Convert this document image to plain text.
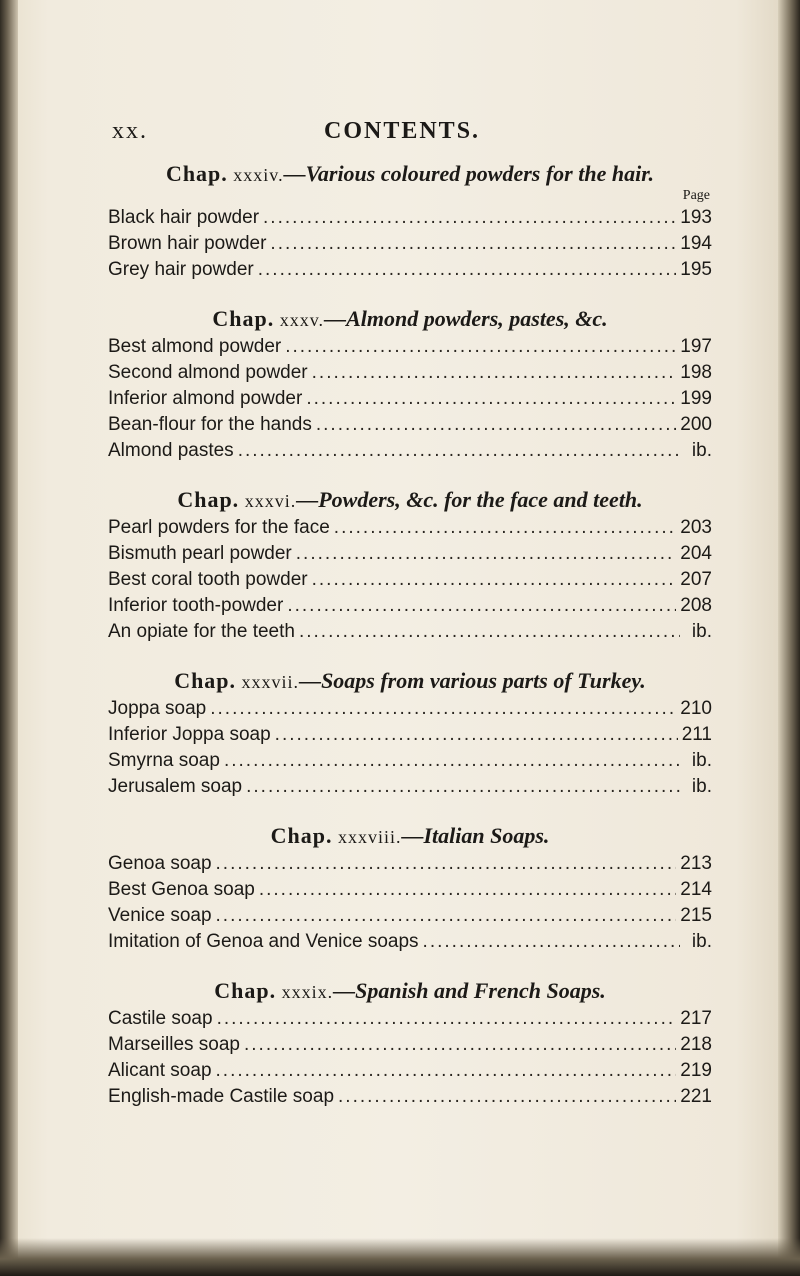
xx.	CONTENTS.

Chap. xxxiv.—Various coloured powders for the hair.

Page

Black hair powder .....	193
Brown hair powder .....	194
Grey hair powder .....	195

Chap. xxxv.—Almond powders, pastes, &c.

Best almond powder .....	197
Second almond powder .....	198
Inferior almond powder .....	199
Bean-flour for the hands .....	200
Almond pastes .....	ib.

Chap. xxxvi.—Powders, &c. for the face and teeth.

Pearl powders for the face .....	203
Bismuth pearl powder .....	204
Best coral tooth powder .....	207
Inferior tooth-powder .....	208
An opiate for the teeth .....	ib.

Chap. xxxvii.—Soaps from various parts of Turkey.

Joppa soap .....	210
Inferior Joppa soap .....	211
Smyrna soap .....	ib.
Jerusalem soap .....	ib.

Chap. xxxviii.—Italian Soaps.

Genoa soap .....	213
Best Genoa soap .....	214
Venice soap .....	215
Imitation of Genoa and Venice soaps .....	ib.

Chap. xxxix.—Spanish and French Soaps.

Castile soap .....	217
Marseilles soap .....	218
Alicant soap .....	219
English-made Castile soap .....	221
